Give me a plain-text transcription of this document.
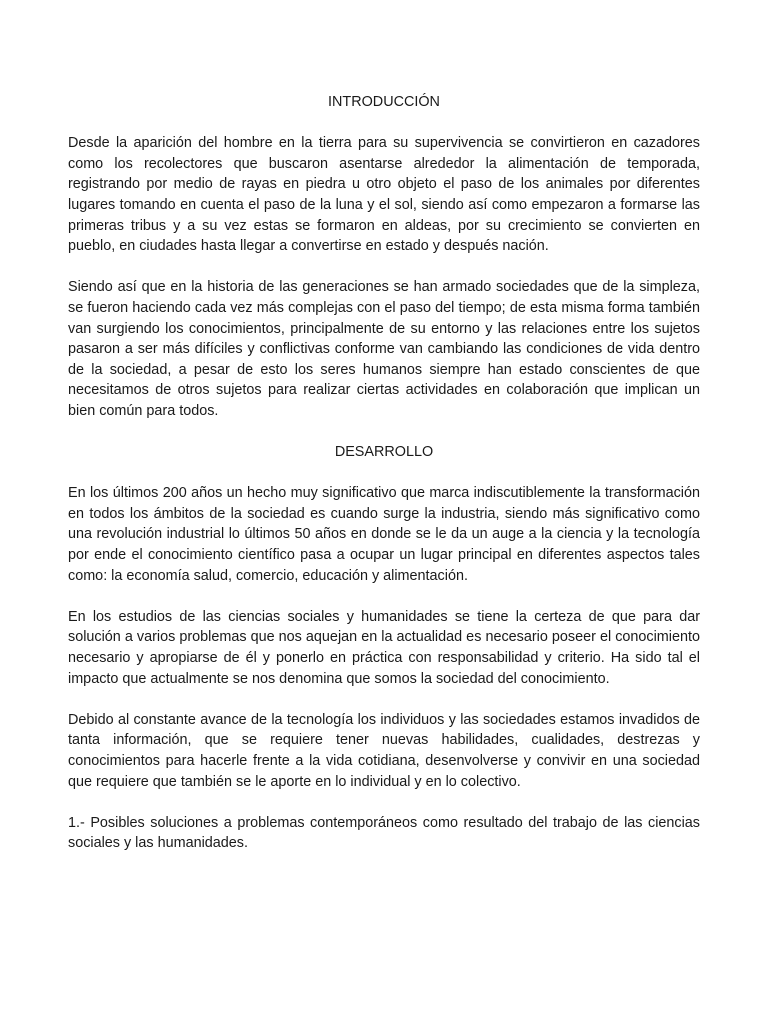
INTRODUCCIÓN

Desde la aparición del hombre en la tierra para su supervivencia se convirtieron en cazadores como los recolectores que buscaron asentarse alrededor la alimentación de temporada, registrando por medio de rayas en piedra u otro objeto el paso de los animales por diferentes lugares tomando en cuenta el paso de la luna y el sol, siendo así como empezaron a formarse las primeras tribus y a su vez estas se formaron en aldeas, por su crecimiento se convierten en pueblo, en ciudades hasta llegar a convertirse en estado y después nación.

Siendo así que en la historia de las generaciones se han armado sociedades que de la simpleza, se fueron haciendo cada vez más complejas con el paso del tiempo; de esta misma forma también van surgiendo los conocimientos, principalmente de su entorno y las relaciones entre los sujetos pasaron a ser más difíciles y conflictivas conforme van cambiando las condiciones de vida dentro de la sociedad, a pesar de esto los seres humanos siempre han estado conscientes de que necesitamos de otros sujetos para realizar ciertas actividades en colaboración que implican un bien común para todos.

DESARROLLO

En los últimos 200 años un hecho muy significativo que marca indiscutiblemente la transformación en todos los ámbitos de la sociedad es cuando surge la industria, siendo más significativo como una revolución industrial lo últimos 50 años en donde se le da un auge a la ciencia y la tecnología por ende el conocimiento científico pasa a ocupar un lugar principal en diferentes aspectos tales como: la economía salud, comercio, educación y alimentación.

En los estudios de las ciencias sociales y humanidades se tiene la certeza de que para dar solución a varios problemas que nos aquejan en la actualidad es necesario poseer el conocimiento necesario y apropiarse de él y ponerlo en práctica con responsabilidad y criterio. Ha sido tal el impacto que actualmente se nos denomina que somos la sociedad del conocimiento.

Debido al constante avance de la tecnología los individuos y las sociedades estamos invadidos de tanta información, que se requiere tener nuevas habilidades, cualidades, destrezas y conocimientos para hacerle frente a la vida cotidiana, desenvolverse y convivir en una sociedad que requiere que también se le aporte en lo individual y en lo colectivo.

1.- Posibles soluciones a problemas contemporáneos como resultado del trabajo de las ciencias sociales y las humanidades.
